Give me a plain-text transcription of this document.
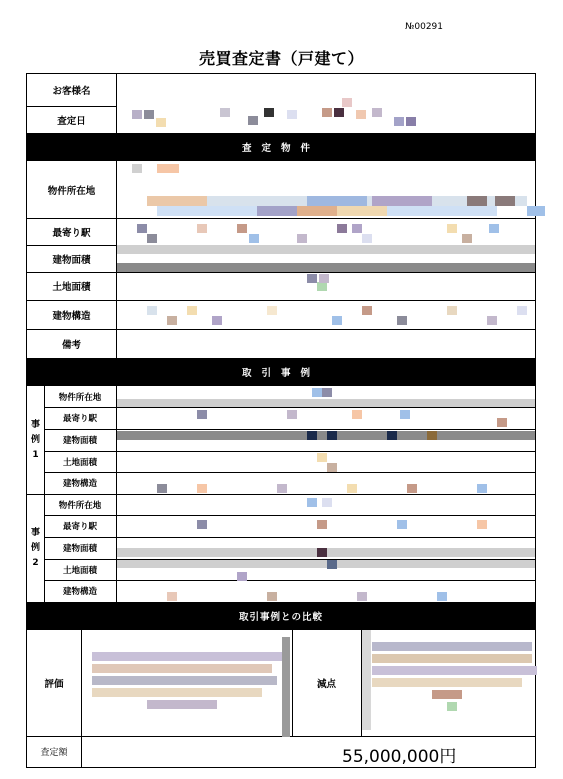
№00291
売買査定書（戸建て）
お客様名
査定日
査定物件
物件所在地
最寄り駅
建物面積
土地面積
建物構造
備考
取引事例
事
例
1
物件所在地
最寄り駅
建物面積
土地面積
建物構造
事
例
2
物件所在地
最寄り駅
建物面積
土地面積
建物構造
取引事例との比較
評価	減点
査定額	55,000,000円
